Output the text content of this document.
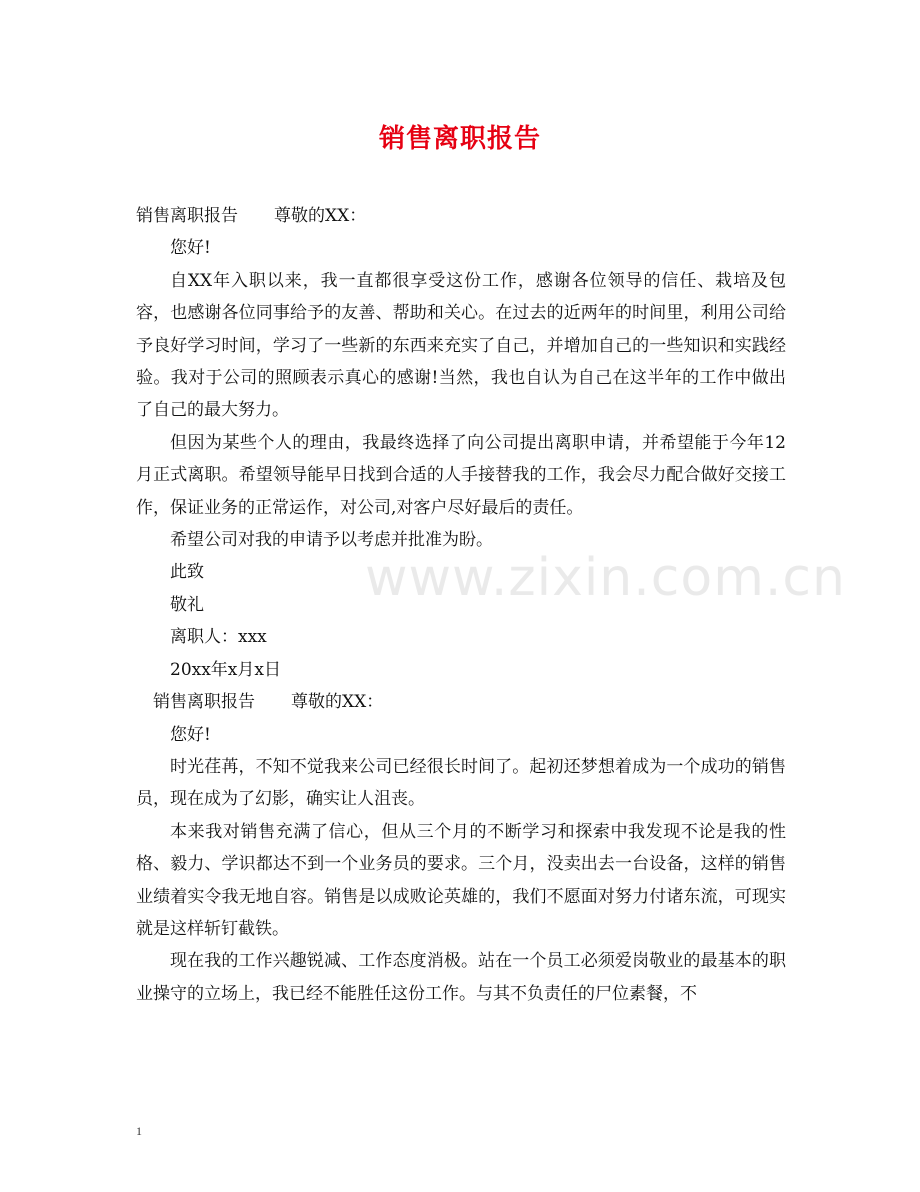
销售离职报告

销售离职报告 尊敬的XX：

您好!

自XX年入职以来，我一直都很享受这份工作，感谢各位领导的信任、栽培及包容，也感谢各位同事给予的友善、帮助和关心。在过去的近两年的时间里，利用公司给予良好学习时间，学习了一些新的东西来充实了自己，并增加自己的一些知识和实践经验。我对于公司的照顾表示真心的感谢!当然，我也自认为自己在这半年的工作中做出了自己的最大努力。

但因为某些个人的理由，我最终选择了向公司提出离职申请，并希望能于今年12月正式离职。希望领导能早日找到合适的人手接替我的工作，我会尽力配合做好交接工作，保证业务的正常运作，对公司,对客户尽好最后的责任。

希望公司对我的申请予以考虑并批准为盼。

此致

敬礼

离职人：xxx

20xx年x月x日

销售离职报告 尊敬的XX：

您好!

时光荏苒，不知不觉我来公司已经很长时间了。起初还梦想着成为一个成功的销售员，现在成为了幻影，确实让人沮丧。

本来我对销售充满了信心，但从三个月的不断学习和探索中我发现不论是我的性格、毅力、学识都达不到一个业务员的要求。三个月，没卖出去一台设备，这样的销售业绩着实令我无地自容。销售是以成败论英雄的，我们不愿面对努力付诸东流，可现实就是这样斩钉截铁。

现在我的工作兴趣锐减、工作态度消极。站在一个员工必须爱岗敬业的最基本的职业操守的立场上，我已经不能胜任这份工作。与其不负责任的尸位素餐，不

www.zixin.com.cn
1
